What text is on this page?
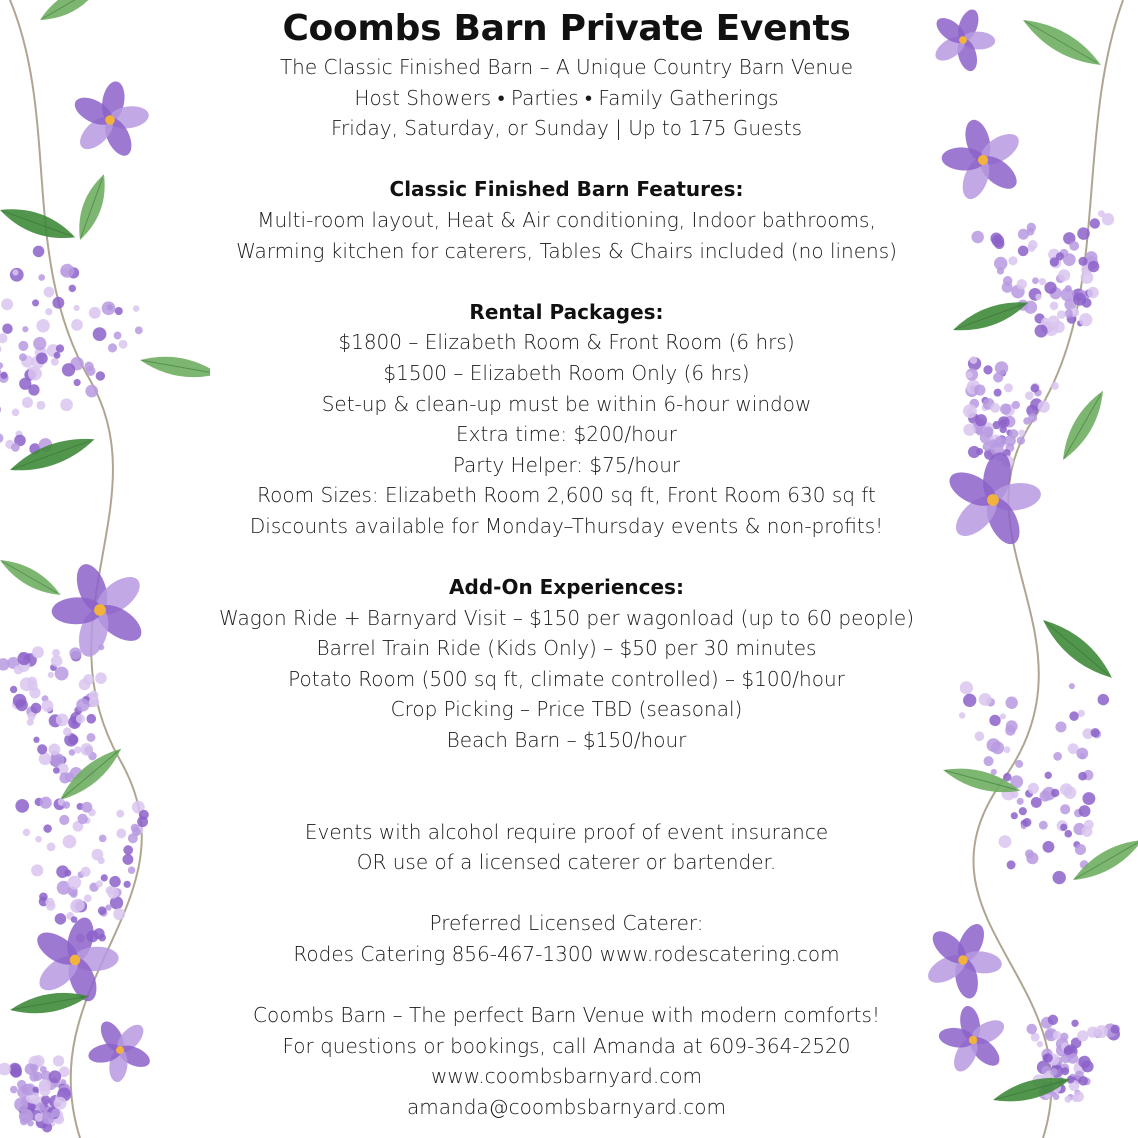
Coombs Barn Private Events
The Classic Finished Barn – A Unique Country Barn Venue
Host Showers • Parties • Family Gatherings
Friday, Saturday, or Sunday | Up to 175 Guests
Classic Finished Barn Features:
Multi-room layout, Heat & Air conditioning, Indoor bathrooms,
Warming kitchen for caterers, Tables & Chairs included (no linens)
Rental Packages:
$1800 – Elizabeth Room & Front Room (6 hrs)
$1500 – Elizabeth Room Only (6 hrs)
Set-up & clean-up must be within 6-hour window
Extra time: $200/hour
Party Helper: $75/hour
Room Sizes: Elizabeth Room 2,600 sq ft, Front Room 630 sq ft
Discounts available for Monday–Thursday events & non-profits!
Add-On Experiences:
Wagon Ride + Barnyard Visit – $150 per wagonload (up to 60 people)
Barrel Train Ride (Kids Only) – $50 per 30 minutes
Potato Room (500 sq ft, climate controlled) – $100/hour
Crop Picking – Price TBD (seasonal)
Beach Barn – $150/hour
Events with alcohol require proof of event insurance
OR use of a licensed caterer or bartender.
Preferred Licensed Caterer:
Rodes Catering 856-467-1300 www.rodescatering.com
Coombs Barn – The perfect Barn Venue with modern comforts!
For questions or bookings, call Amanda at 609-364-2520
www.coombsbarnyard.com
amanda@coombsbarnyard.com
